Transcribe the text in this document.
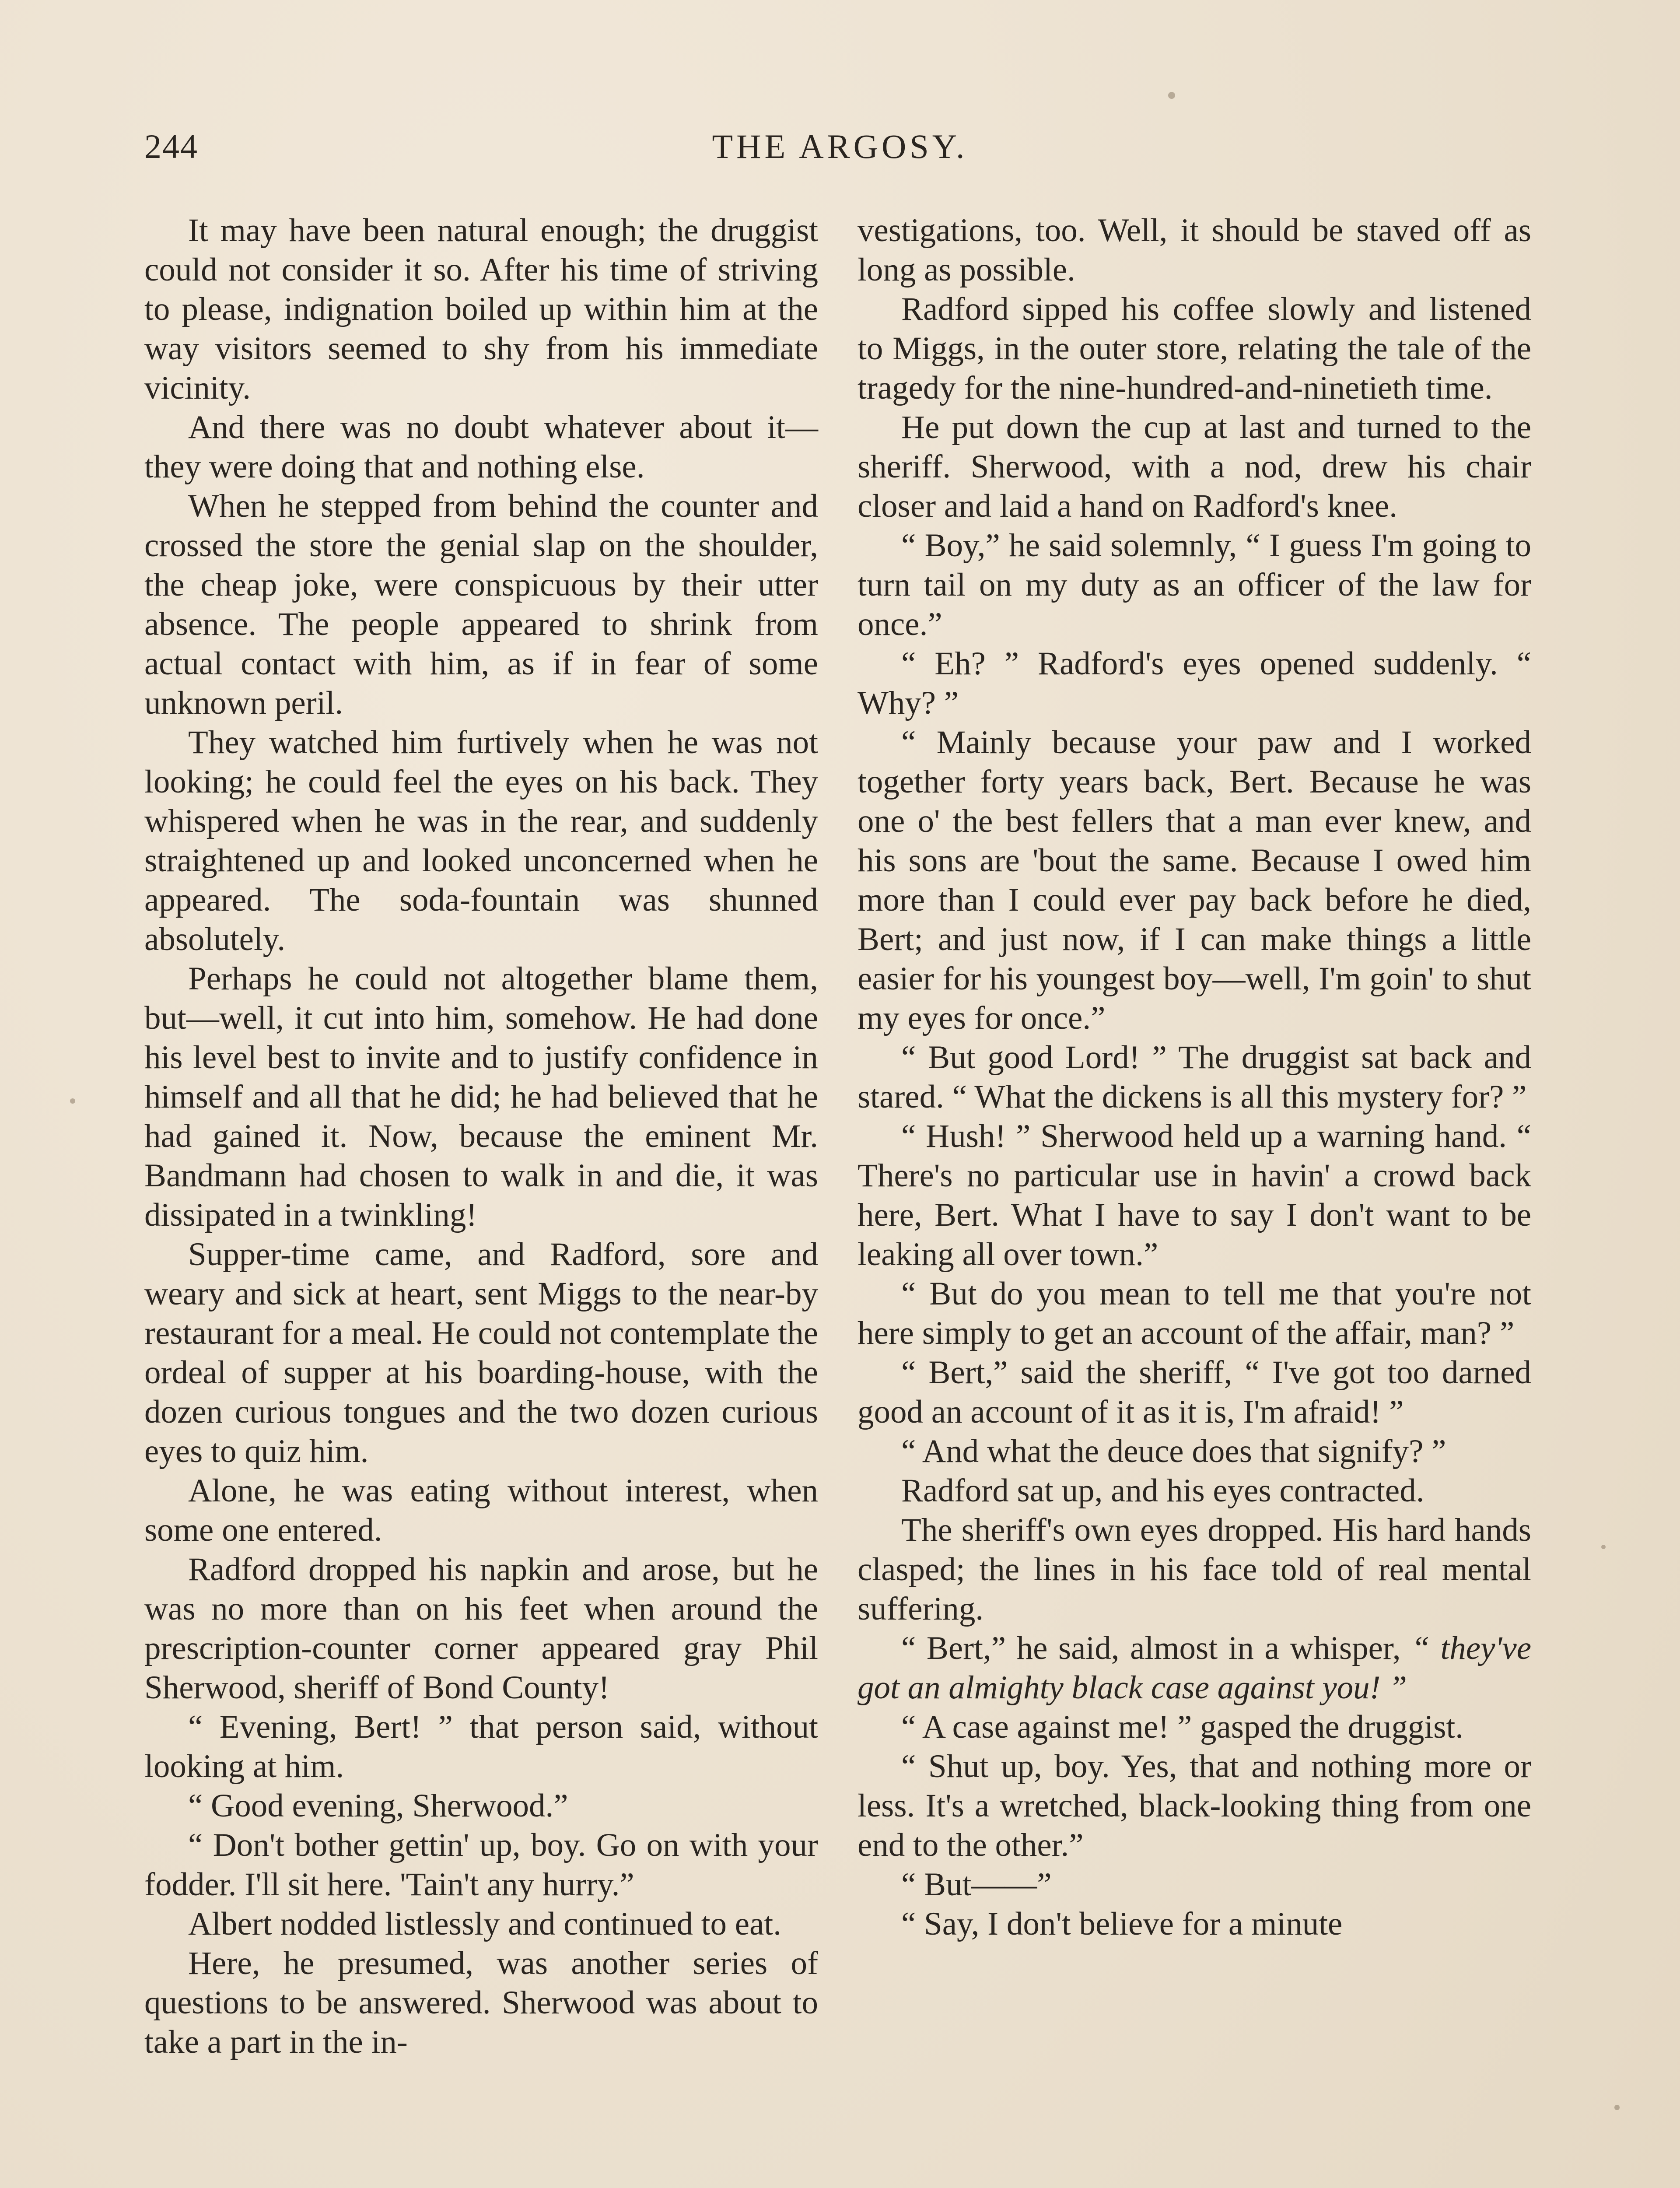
244	THE ARGOSY.

It may have been natural enough; the druggist could not consider it so. After his time of striving to please, indignation boiled up within him at the way visitors seemed to shy from his immediate vicinity.

And there was no doubt whatever about it—they were doing that and nothing else.

When he stepped from behind the counter and crossed the store the genial slap on the shoulder, the cheap joke, were conspicuous by their utter absence. The people appeared to shrink from actual contact with him, as if in fear of some unknown peril.

They watched him furtively when he was not looking; he could feel the eyes on his back. They whispered when he was in the rear, and suddenly straightened up and looked unconcerned when he appeared. The soda-fountain was shunned absolutely.

Perhaps he could not altogether blame them, but—well, it cut into him, somehow. He had done his level best to invite and to justify confidence in himself and all that he did; he had believed that he had gained it. Now, because the eminent Mr. Bandmann had chosen to walk in and die, it was dissipated in a twinkling!

Supper-time came, and Radford, sore and weary and sick at heart, sent Miggs to the near-by restaurant for a meal. He could not contemplate the ordeal of supper at his boarding-house, with the dozen curious tongues and the two dozen curious eyes to quiz him.

Alone, he was eating without interest, when some one entered.

Radford dropped his napkin and arose, but he was no more than on his feet when around the prescription-counter corner appeared gray Phil Sherwood, sheriff of Bond County!

“ Evening, Bert! ” that person said, without looking at him.

“ Good evening, Sherwood.”

“ Don't bother gettin' up, boy. Go on with your fodder. I'll sit here. 'Tain't any hurry.”

Albert nodded listlessly and continued to eat.

Here, he presumed, was another series of questions to be answered. Sherwood was about to take a part in the in-

vestigations, too. Well, it should be staved off as long as possible.

Radford sipped his coffee slowly and listened to Miggs, in the outer store, relating the tale of the tragedy for the nine-hundred-and-ninetieth time.

He put down the cup at last and turned to the sheriff. Sherwood, with a nod, drew his chair closer and laid a hand on Radford's knee.

“ Boy,” he said solemnly, “ I guess I'm going to turn tail on my duty as an officer of the law for once.”

“ Eh? ” Radford's eyes opened suddenly. “ Why? ”

“ Mainly because your paw and I worked together forty years back, Bert. Because he was one o' the best fellers that a man ever knew, and his sons are 'bout the same. Because I owed him more than I could ever pay back before he died, Bert; and just now, if I can make things a little easier for his youngest boy—well, I'm goin' to shut my eyes for once.”

“ But good Lord! ” The druggist sat back and stared. “ What the dickens is all this mystery for? ”

“ Hush! ” Sherwood held up a warning hand. “ There's no particular use in havin' a crowd back here, Bert. What I have to say I don't want to be leaking all over town.”

“ But do you mean to tell me that you're not here simply to get an account of the affair, man? ”

“ Bert,” said the sheriff, “ I've got too darned good an account of it as it is, I'm afraid! ”

“ And what the deuce does that signify? ”

Radford sat up, and his eyes contracted.

The sheriff's own eyes dropped. His hard hands clasped; the lines in his face told of real mental suffering.

“ Bert,” he said, almost in a whisper, “ they've got an almighty black case against you! ”

“ A case against me! ” gasped the druggist.

“ Shut up, boy. Yes, that and nothing more or less. It's a wretched, black-looking thing from one end to the other.”

“ But——”

“ Say, I don't believe for a minute
